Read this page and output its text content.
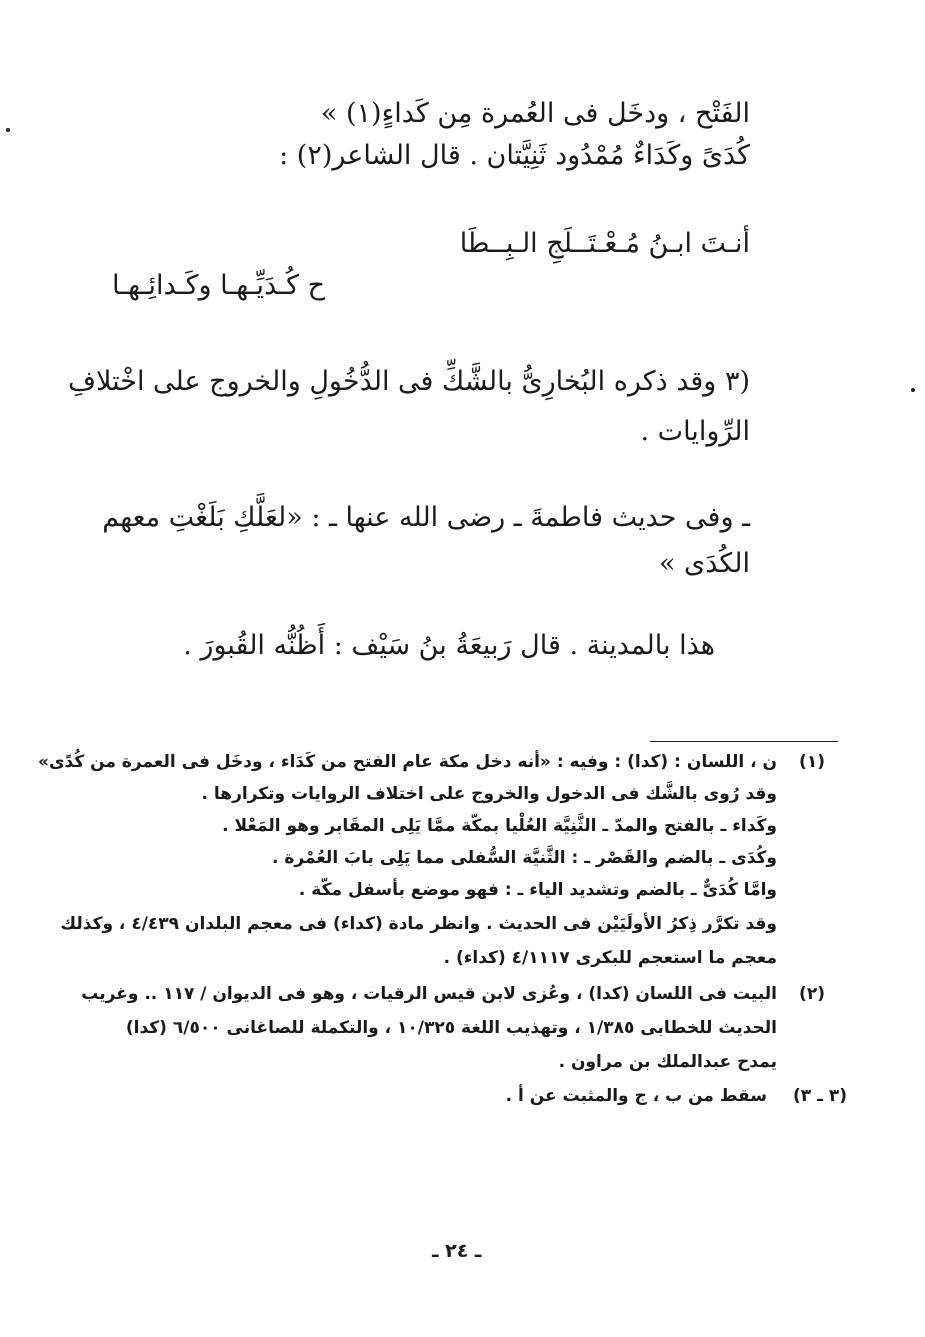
الفَتْح ، ودخَل فى العُمرة مِن كَداءٍ(١) »
كُدَىً وكَدَاءٌ مُمْدُود ثَنِيَّتان . قال الشاعر(٢) :
أنـتَ ابـنُ مُـعْـتَــلَجِ الـبِــطَا
ح كُـدَيِّـهـا وكَـدائِـهـا
(٣ وقد ذكره البُخارِىُّ بالشَّكِّ فى الدُّخُولِ والخروج على اخْتلافِ
الرِّوايات .
ـ وفى حديث فاطمةَ ـ رضى الله عنها ـ : «لعَلَّكِ بَلَغْتِ معهم
الكُدَى »
هذا بالمدينة . قال رَبيعَةُ بنُ سَيْف : أَظُنُّه القُبورَ .
(١)
ن ، اللسان : (كدا) : وفيه : «أنه دخل مكة عام الفتح من كَدَاء ، ودخَل فى العمرة من كُدًى»
وقد رُوى بالشَّك فى الدخول والخروج على اختلاف الروايات وتكرارها .
وكَداء ـ بالفتح والمدّ ـ الثَّنِيَّة العُلْيا بمكّة ممَّا يَلِى المقَابر وهو المَعْلا .
وكُدَى ـ بالضم والقَصْر ـ : الثَّنيَّة السُّفلى مما يَلِى بابَ العُمْرة .
وامَّا كُدَىٌّ ـ بالضم وتشديد الياء ـ : فهو موضع بأسفل مكّة .
وقد تكرَّر ذِكرُ الأولَيَيْن فى الحديث . وانظر مادة (كداء) فى معجم البلدان ٤/٤٣٩ ، وكذلك
معجم ما استعجم للبكرى ٤/١١١٧ (كداء) .
(٢)
البيت فى اللسان (كدا) ، وعُزى لابن قيس الرقيات ، وهو فى الديوان / ١١٧ .. وغريب
الحديث للخطابى ١/٣٨٥ ، وتهذيب اللغة ١٠/٣٢٥ ، والتكملة للصاغانى ٦/٥٠٠ (كدا)
يمدح عبدالملك بن مراون .
(٣ ـ ٣)
سقط من ب ، ج والمثبت عن أ .
ـ ٢٤ ـ
